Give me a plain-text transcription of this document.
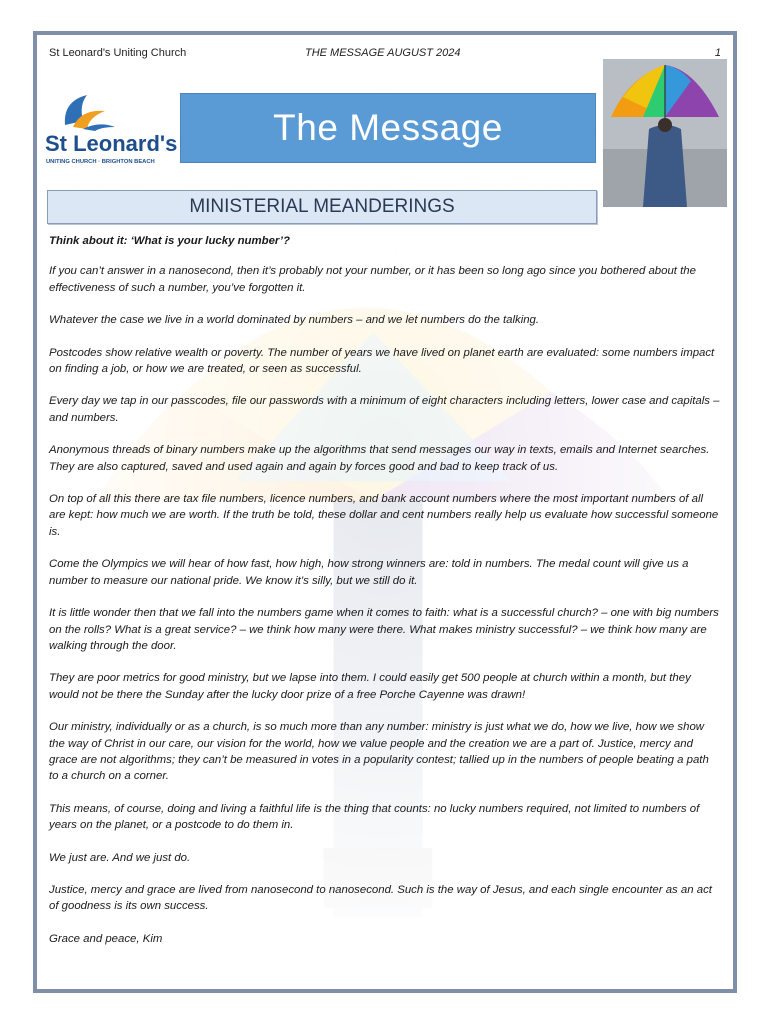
St Leonard's Uniting Church	THE MESSAGE AUGUST 2024	1
St Leonard's
UNITING CHURCH · BRIGHTON BEACH
The Message
MINISTERIAL MEANDERINGS

Think about it: ‘What is your lucky number’?

If you can’t answer in a nanosecond, then it’s probably not your number, or it has been so long ago since you bothered about the effectiveness of such a number, you’ve forgotten it.

Whatever the case we live in a world dominated by numbers – and we let numbers do the talking.

Postcodes show relative wealth or poverty. The number of years we have lived on planet earth are evaluated: some numbers impact on finding a job, or how we are treated, or seen as successful.

Every day we tap in our passcodes, file our passwords with a minimum of eight characters including letters, lower case and capitals – and numbers.

Anonymous threads of binary numbers make up the algorithms that send messages our way in texts, emails and Internet searches. They are also captured, saved and used again and again by forces good and bad to keep track of us.

On top of all this there are tax file numbers, licence numbers, and bank account numbers where the most important numbers of all are kept: how much we are worth. If the truth be told, these dollar and cent numbers really help us evaluate how successful someone is.

Come the Olympics we will hear of how fast, how high, how strong winners are: told in numbers. The medal count will give us a number to measure our national pride. We know it’s silly, but we still do it.

It is little wonder then that we fall into the numbers game when it comes to faith: what is a successful church? – one with big numbers on the rolls? What is a great service? – we think how many were there. What makes ministry successful? – we think how many are walking through the door.

They are poor metrics for good ministry, but we lapse into them. I could easily get 500 people at church within a month, but they would not be there the Sunday after the lucky door prize of a free Porche Cayenne was drawn!

Our ministry, individually or as a church, is so much more than any number: ministry is just what we do, how we live, how we show the way of Christ in our care, our vision for the world, how we value people and the creation we are a part of. Justice, mercy and grace are not algorithms; they can’t be measured in votes in a popularity contest; tallied up in the numbers of people beating a path to a church on a corner.

This means, of course, doing and living a faithful life is the thing that counts: no lucky numbers required, not limited to numbers of years on the planet, or a postcode to do them in.

We just are. And we just do.

Justice, mercy and grace are lived from nanosecond to nanosecond. Such is the way of Jesus, and each single encounter as an act of goodness is its own success.

Grace and peace, Kim
